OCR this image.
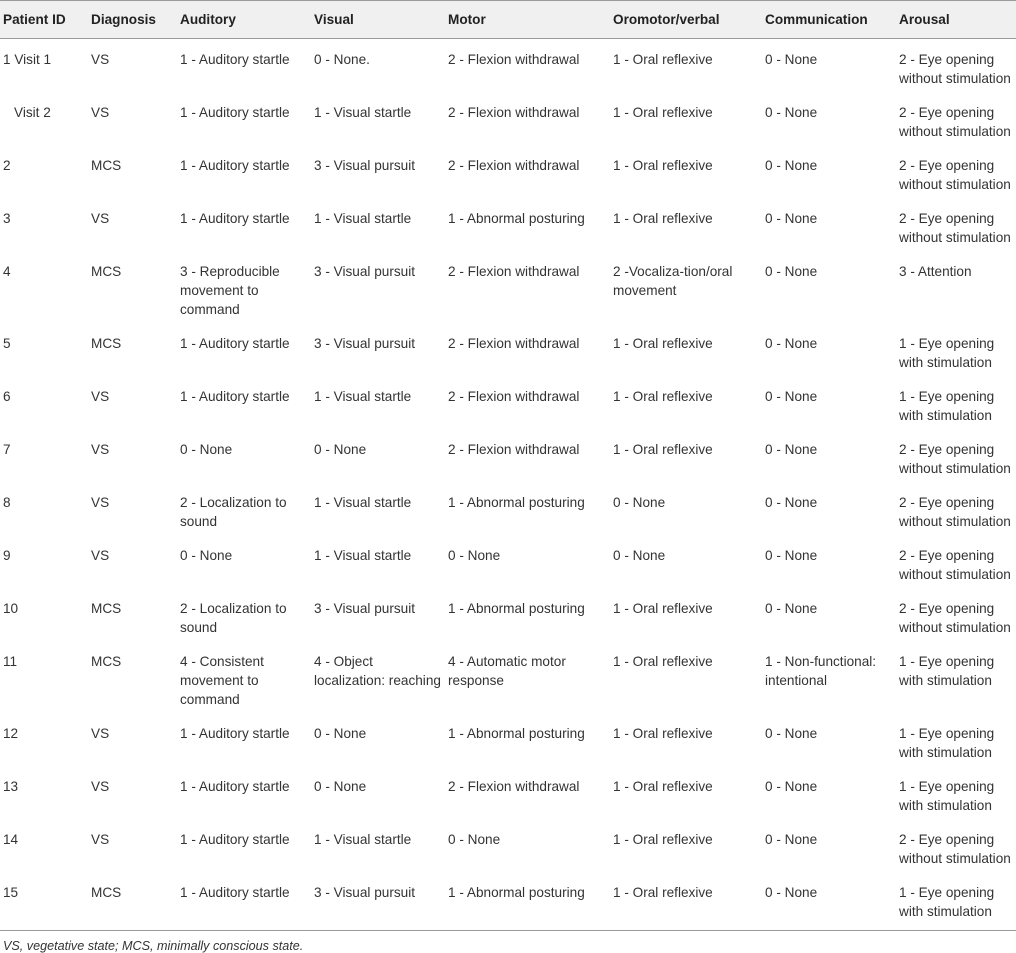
Patient ID	Diagnosis	Auditory	Visual	Motor	Oromotor/verbal	Communication	Arousal
1 Visit 1	VS	1 - Auditory startle	0 - None.	2 - Flexion withdrawal	1 - Oral reflexive	0 - None	2 - Eye opening without stimulation
Visit 2	VS	1 - Auditory startle	1 - Visual startle	2 - Flexion withdrawal	1 - Oral reflexive	0 - None	2 - Eye opening without stimulation
2	MCS	1 - Auditory startle	3 - Visual pursuit	2 - Flexion withdrawal	1 - Oral reflexive	0 - None	2 - Eye opening without stimulation
3	VS	1 - Auditory startle	1 - Visual startle	1 - Abnormal posturing	1 - Oral reflexive	0 - None	2 - Eye opening without stimulation
4	MCS	3 - Reproducible movement to command	3 - Visual pursuit	2 - Flexion withdrawal	2 -Vocaliza-tion/oral movement	0 - None	3 - Attention
5	MCS	1 - Auditory startle	3 - Visual pursuit	2 - Flexion withdrawal	1 - Oral reflexive	0 - None	1 - Eye opening with stimulation
6	VS	1 - Auditory startle	1 - Visual startle	2 - Flexion withdrawal	1 - Oral reflexive	0 - None	1 - Eye opening with stimulation
7	VS	0 - None	0 - None	2 - Flexion withdrawal	1 - Oral reflexive	0 - None	2 - Eye opening without stimulation
8	VS	2 - Localization to sound	1 - Visual startle	1 - Abnormal posturing	0 - None	0 - None	2 - Eye opening without stimulation
9	VS	0 - None	1 - Visual startle	0 - None	0 - None	0 - None	2 - Eye opening without stimulation
10	MCS	2 - Localization to sound	3 - Visual pursuit	1 - Abnormal posturing	1 - Oral reflexive	0 - None	2 - Eye opening without stimulation
11	MCS	4 - Consistent movement to command	4 - Object localization: reaching	4 - Automatic motor response	1 - Oral reflexive	1 - Non-functional: intentional	1 - Eye opening with stimulation
12	VS	1 - Auditory startle	0 - None	1 - Abnormal posturing	1 - Oral reflexive	0 - None	1 - Eye opening with stimulation
13	VS	1 - Auditory startle	0 - None	2 - Flexion withdrawal	1 - Oral reflexive	0 - None	1 - Eye opening with stimulation
14	VS	1 - Auditory startle	1 - Visual startle	0 - None	1 - Oral reflexive	0 - None	2 - Eye opening without stimulation
15	MCS	1 - Auditory startle	3 - Visual pursuit	1 - Abnormal posturing	1 - Oral reflexive	0 - None	1 - Eye opening with stimulation
VS, vegetative state; MCS, minimally conscious state.
